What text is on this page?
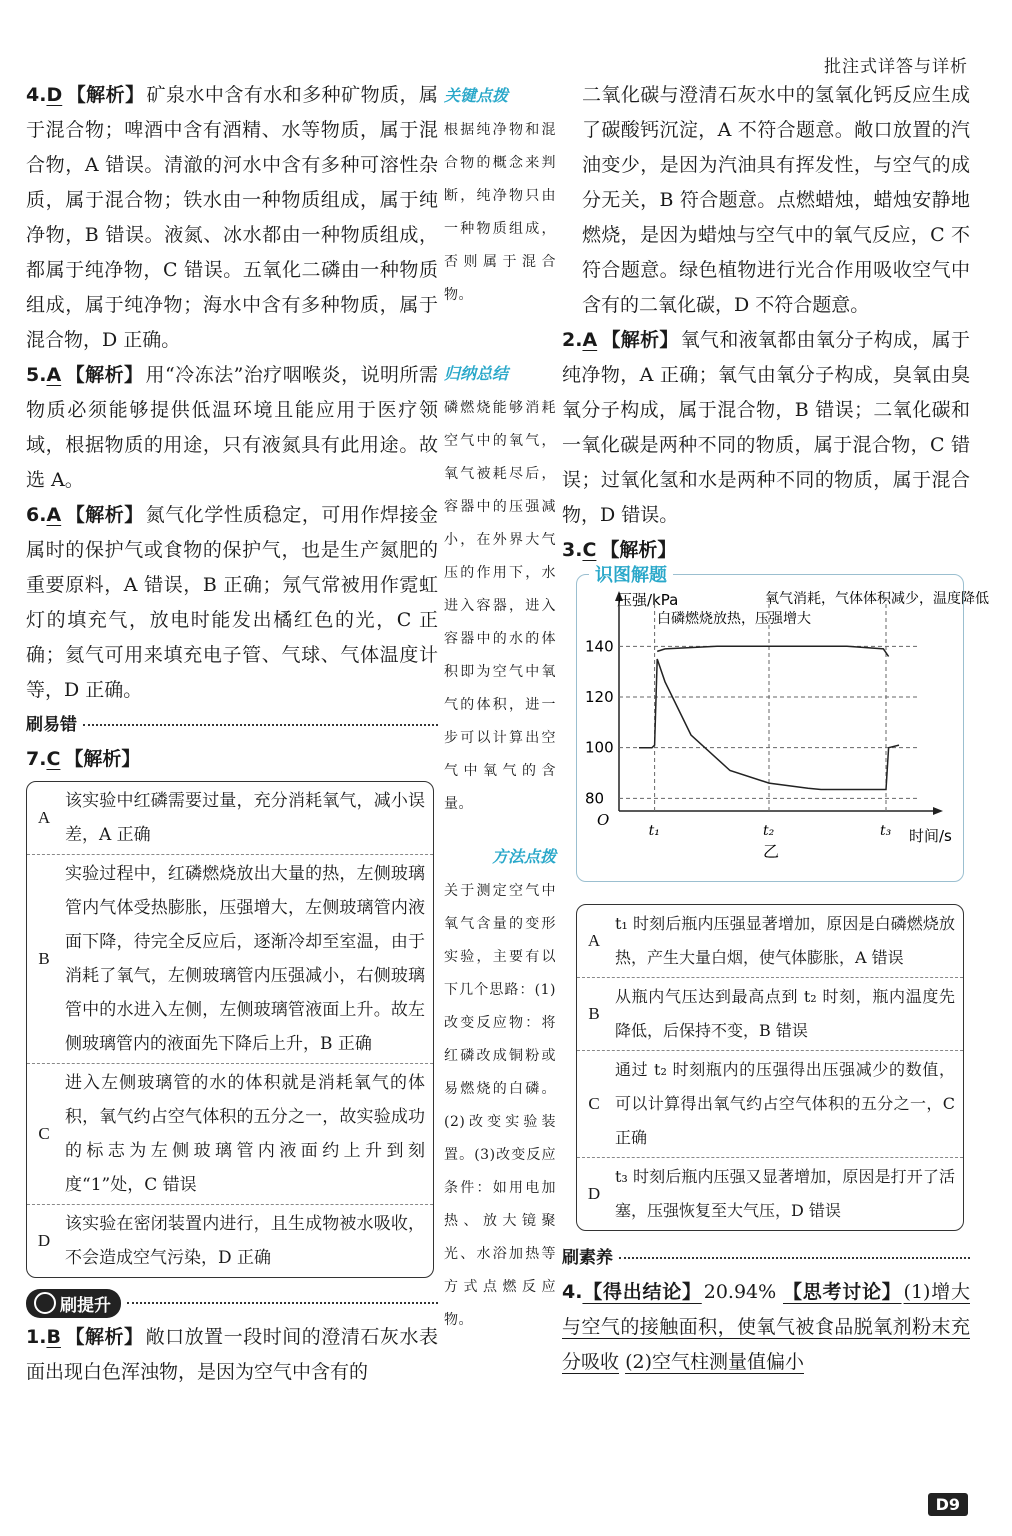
批注式详答与详析

4.D 【解析】 矿泉水中含有水和多种矿物质，属于混合物；啤酒中含有酒精、水等物质，属于混合物，A 错误。清澈的河水中含有多种可溶性杂质，属于混合物；铁水由一种物质组成，属于纯净物，B 错误。液氮、冰水都由一种物质组成，都属于纯净物，C 错误。五氧化二磷由一种物质组成，属于纯净物；海水中含有多种物质，属于混合物，D 正确。

5.A 【解析】 用“冷冻法”治疗咽喉炎，说明所需物质必须能够提供低温环境且能应用于医疗领域，根据物质的用途，只有液氮具有此用途。故选 A。

6.A 【解析】 氮气化学性质稳定，可用作焊接金属时的保护气或食物的保护气，也是生产氮肥的重要原料，A 错误，B 正确；氖气常被用作霓虹灯的填充气，放电时能发出橘红色的光，C 正确；氦气可用来填充电子管、气球、气体温度计等，D 正确。

刷易错

7.C 【解析】

A
该实验中红磷需要过量，充分消耗氧气，减小误差，A 正确
B
实验过程中，红磷燃烧放出大量的热，左侧玻璃管内气体受热膨胀，压强增大，左侧玻璃管内液面下降，待完全反应后，逐渐冷却至室温，由于消耗了氧气，左侧玻璃管内压强减小，右侧玻璃管中的水进入左侧，左侧玻璃管液面上升。故左侧玻璃管内的液面先下降后上升，B 正确
C
进入左侧玻璃管的水的体积就是消耗氧气的体积，氧气约占空气体积的五分之一，故实验成功的标志为左侧玻璃管内液面约上升到刻度“1”处，C 错误
D
该实验在密闭装置内进行，且生成物被水吸收，不会造成空气污染，D 正确
刷提升

1.B 【解析】 敞口放置一段时间的澄清石灰水表面出现白色浑浊物，是因为空气中含有的

关键点拨
根据纯净物和混合物的概念来判断，纯净物只由一种物质组成，否则属于混合物。
归纳总结
磷燃烧能够消耗空气中的氧气，氧气被耗尽后，容器中的压强减小，在外界大气压的作用下，水进入容器，进入容器中的水的体积即为空气中氧气的体积，进一步可以计算出空气中氧气的含量。
方法点拨
关于测定空气中氧气含量的变形实验，主要有以下几个思路：(1)改变反应物：将红磷改成铜粉或易燃烧的白磷。(2)改变实验装置。(3)改变反应条件：如用电加热、放大镜聚光、水浴加热等方式点燃反应物。

二氧化碳与澄清石灰水中的氢氧化钙反应生成了碳酸钙沉淀，A 不符合题意。敞口放置的汽油变少，是因为汽油具有挥发性，与空气的成分无关，B 符合题意。点燃蜡烛，蜡烛安静地燃烧，是因为蜡烛与空气中的氧气反应，C 不符合题意。绿色植物进行光合作用吸收空气中含有的二氧化碳，D 不符合题意。

2.A 【解析】 氧气和液氧都由氧分子构成，属于纯净物，A 正确；氧气由氧分子构成，臭氧由臭氧分子构成，属于混合物，B 错误；二氧化碳和一氧化碳是两种不同的物质，属于混合物，C 错误；过氧化氢和水是两种不同的物质，属于混合物，D 错误。

3.C 【解析】

识图解题
压强/kPa
时间/s
O
乙
80
100
120
140
t₁	t₂	t₃
白磷燃烧放热，压强增大
氧气消耗，气体体积减少，温度降低
A
t₁ 时刻后瓶内压强显著增加，原因是白磷燃烧放热，产生大量白烟，使气体膨胀，A 错误
B
从瓶内气压达到最高点到 t₂ 时刻，瓶内温度先降低，后保持不变，B 错误
C
通过 t₂ 时刻瓶内的压强得出压强减少的数值，可以计算得出氧气约占空气体积的五分之一，C 正确
D
t₃ 时刻后瓶内压强又显著增加，原因是打开了活塞，压强恢复至大气压，D 错误
刷素养

4.【得出结论】 20.94% 【思考讨论】 (1)增大与空气的接触面积，使氧气被食品脱氧剂粉末充分吸收 (2)空气柱测量值偏小

D9
